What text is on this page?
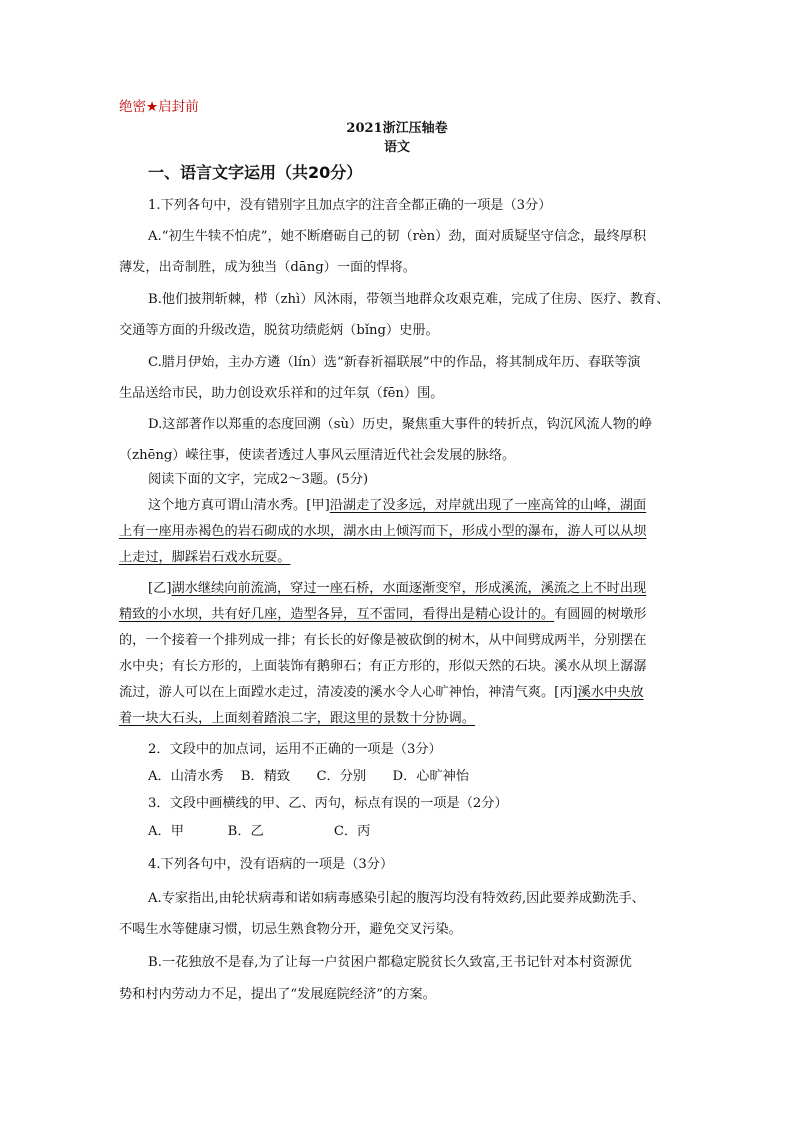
绝密★启封前
2021浙江压轴卷
语文
一、语言文字运用（共20分）
1.下列各句中，没有错别字且加点字的注音全都正确的一项是（3分）
A.“初生牛犊不怕虎”，她不断磨砺自己的韧（rèn）劲，面对质疑坚守信念，最终厚积
薄发，出奇制胜，成为独当（dāng）一面的悍将。
B.他们披荆斩棘，栉（zhì）风沐雨，带领当地群众攻艰克难，完成了住房、医疗、教育、
交通等方面的升级改造，脱贫功绩彪炳（bǐng）史册。
C.腊月伊始，主办方遴（lín）选“新春祈福联展”中的作品，将其制成年历、春联等演
生品送给市民，助力创设欢乐祥和的过年氛（fēn）围。
D.这部著作以郑重的态度回溯（sù）历史，聚焦重大事件的转折点，钩沉风流人物的峥
（zhēng）嵘往事，使读者透过人事风云厘清近代社会发展的脉络。
阅读下面的文字，完成2～3题。(5分)
这个地方真可谓山清水秀。[甲]沿湖走了没多远，对岸就出现了一座高耸的山峰，湖面
上有一座用赤褐色的岩石砌成的水坝，湖水由上倾泻而下，形成小型的瀑布，游人可以从坝
上走过，脚踩岩石戏水玩耍。
[乙]湖水继续向前流淌，穿过一座石桥，水面逐渐变窄，形成溪流，溪流之上不时出现
精致的小水坝，共有好几座，造型各异，互不雷同，看得出是精心设计的。有圆圆的树墩形
的，一个接着一个排列成一排；有长长的好像是被砍倒的树木，从中间劈成两半，分别摆在
水中央；有长方形的，上面装饰有鹅卵石；有正方形的，形似天然的石块。溪水从坝上潺潺
流过，游人可以在上面蹚水走过，清凌凌的溪水令人心旷神怡，神清气爽。[丙]溪水中央放
着一块大石头，上面刻着踏浪二字，跟这里的景数十分协调。
2．文段中的加点词，运用不正确的一项是（3分）
A．山清水秀　 B．精致　　C．分别　　D．心旷神怡
3．文段中画横线的甲、乙、丙句，标点有误的一项是（2分）
A．甲　　　 B．乙　　　　　 C．丙
4.下列各句中，没有语病的一项是（3分）
A.专家指出,由轮状病毒和诺如病毒感染引起的腹泻均没有特效药,因此要养成勤洗手、
不喝生水等健康习惯，切忌生熟食物分开，避免交叉污染。
B.一花独放不是春,为了让每一户贫困户都稳定脱贫长久致富,王书记针对本村资源优
势和村内劳动力不足，提出了“发展庭院经济”的方案。
